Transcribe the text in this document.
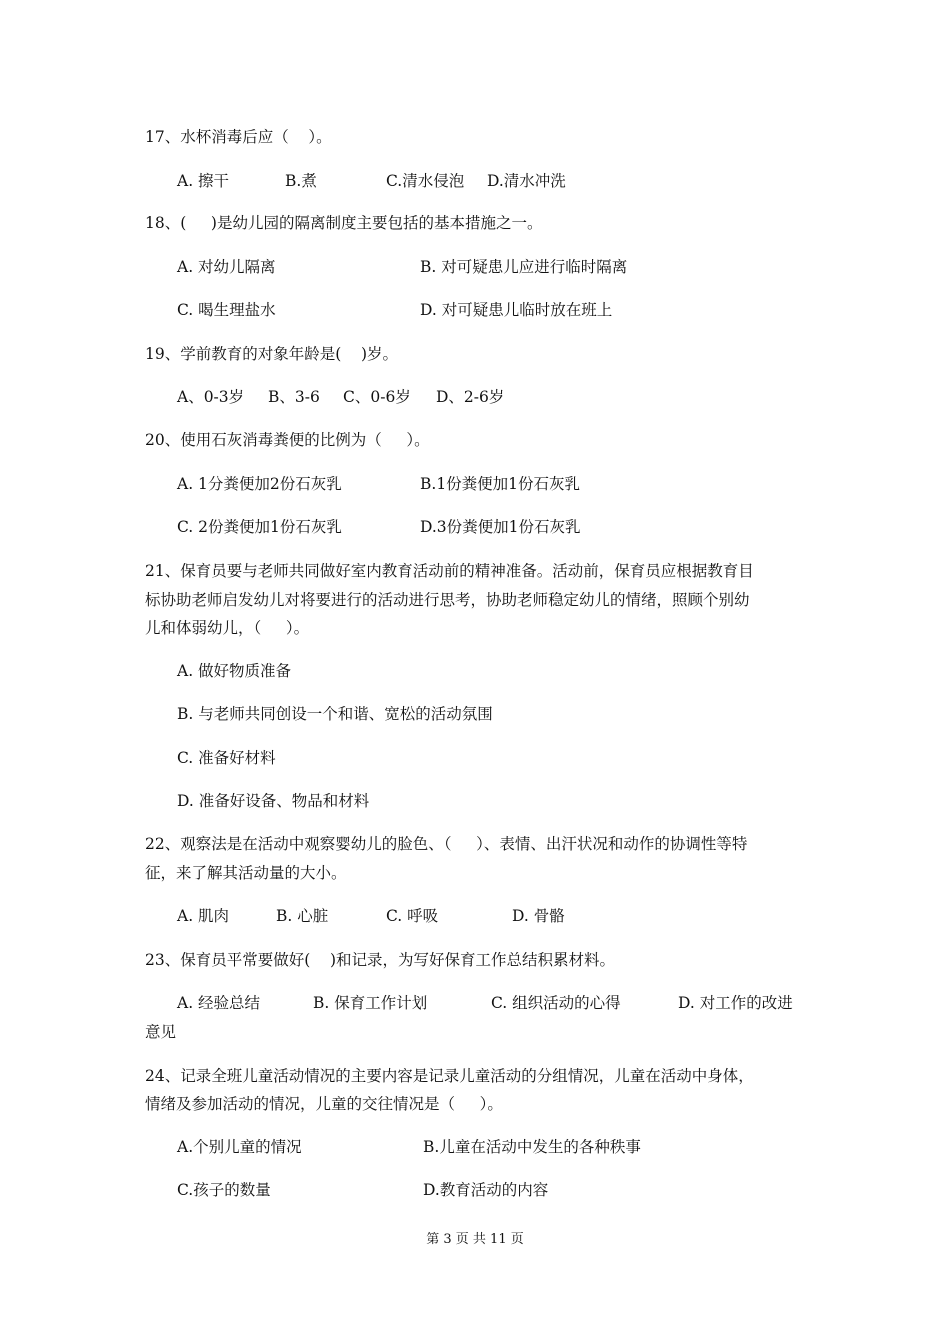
17、水杯消毒后应（    ）。
A. 擦干	B.煮	C.清水侵泡 D.清水冲洗
18、(     )是幼儿园的隔离制度主要包括的基本措施之一。
A. 对幼儿隔离	B. 对可疑患儿应进行临时隔离
C. 喝生理盐水	D. 对可疑患儿临时放在班上
19、学前教育的对象年龄是(    )岁。
A、0-3岁 B、3-6 C、0-6岁 D、2-6岁
20、使用石灰消毒粪便的比例为（     ）。
A. 1分粪便加2份石灰乳	B.1份粪便加1份石灰乳
C. 2份粪便加1份石灰乳	D.3份粪便加1份石灰乳
21、保育员要与老师共同做好室内教育活动前的精神准备。活动前，保育员应根据教育目
标协助老师启发幼儿对将要进行的活动进行思考，协助老师稳定幼儿的情绪，照顾个别幼
儿和体弱幼儿，（     ）。
A. 做好物质准备
B. 与老师共同创设一个和谐、宽松的活动氛围
C. 准备好材料
D. 准备好设备、物品和材料
22、观察法是在活动中观察婴幼儿的脸色、（     ）、表情、出汗状况和动作的协调性等特
征，来了解其活动量的大小。
A. 肌肉	B. 心脏	C. 呼吸	D. 骨骼
23、保育员平常要做好(    )和记录，为写好保育工作总结积累材料。
A. 经验总结	B. 保育工作计划	C. 组织活动的心得	D. 对工作的改进
意见
24、记录全班儿童活动情况的主要内容是记录儿童活动的分组情况，儿童在活动中身体，
情绪及参加活动的情况，儿童的交往情况是（     ）。
A.个别儿童的情况	B.儿童在活动中发生的各种秩事
C.孩子的数量	D.教育活动的内容
第 3 页 共 11 页
